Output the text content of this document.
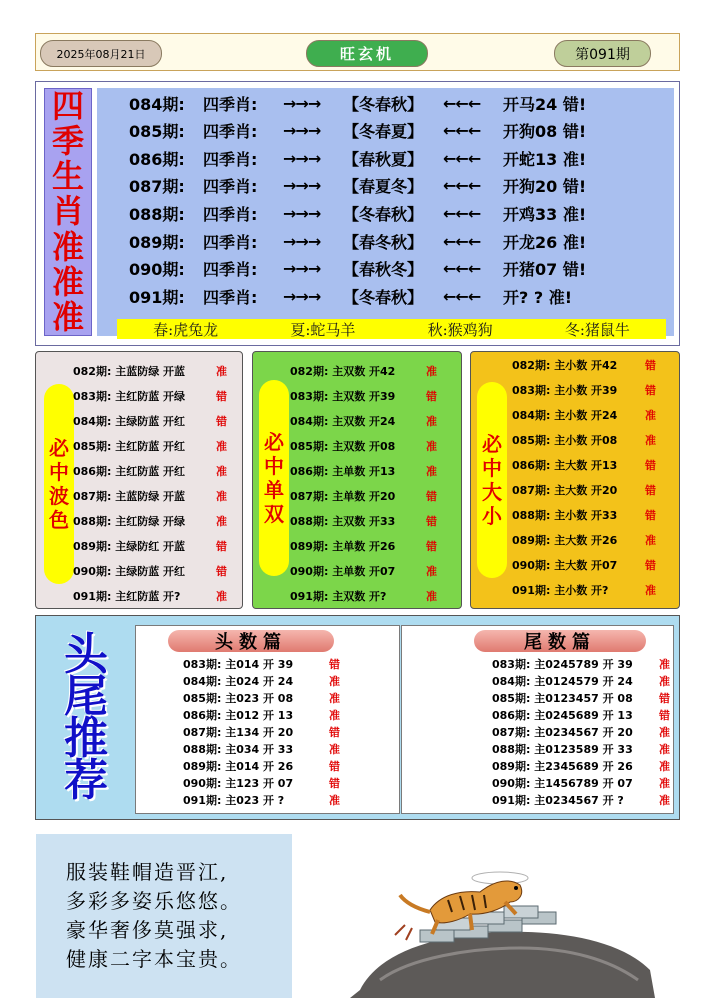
2025年08月21日	旺玄机	第091期
四
季
生
肖
准
准
准
084期:	四季肖:	→→→	【冬春秋】	←←←	开马24 错!
085期:	四季肖:	→→→	【冬春夏】	←←←	开狗08 错!
086期:	四季肖:	→→→	【春秋夏】	←←←	开蛇13 准!
087期:	四季肖:	→→→	【春夏冬】	←←←	开狗20 错!
088期:	四季肖:	→→→	【冬春秋】	←←←	开鸡33 准!
089期:	四季肖:	→→→	【春冬秋】	←←←	开龙26 准!
090期:	四季肖:	→→→	【春秋冬】	←←←	开猪07 错!
091期:	四季肖:	→→→	【冬春秋】	←←←	开? ? 准!
春:虎兔龙	夏:蛇马羊	秋:猴鸡狗	冬:猪鼠牛
必
中
波
色
082期: 主蓝防绿 开蓝	准
083期: 主红防蓝 开绿	错
084期: 主绿防蓝 开红	错
085期: 主红防蓝 开红	准
086期: 主红防蓝 开红	准
087期: 主蓝防绿 开蓝	准
088期: 主红防绿 开绿	准
089期: 主绿防红 开蓝	错
090期: 主绿防蓝 开红	错
091期: 主红防蓝 开?	准
必
中
单
双
082期: 主双数 开42	准
083期: 主双数 开39	错
084期: 主双数 开24	准
085期: 主双数 开08	准
086期: 主单数 开13	准
087期: 主单数 开20	错
088期: 主双数 开33	错
089期: 主单数 开26	错
090期: 主单数 开07	准
091期: 主双数 开?	准
必
中
大
小
082期: 主小数 开42	错
083期: 主小数 开39	错
084期: 主小数 开24	准
085期: 主小数 开08	准
086期: 主大数 开13	错
087期: 主大数 开20	错
088期: 主小数 开33	错
089期: 主大数 开26	准
090期: 主大数 开07	错
091期: 主小数 开?	准
头
尾
推
荐
头数篇
083期: 主014 开 39	错
084期: 主024 开 24	准
085期: 主023 开 08	准
086期: 主012 开 13	准
087期: 主134 开 20	错
088期: 主034 开 33	准
089期: 主014 开 26	错
090期: 主123 开 07	错
091期: 主023 开 ?	准
尾数篇
083期: 主0245789 开 39 准
084期: 主0124579 开 24 准
085期: 主0123457 开 08 错
086期: 主0245689 开 13 错
087期: 主0234567 开 20 准
088期: 主0123589 开 33 准
089期: 主2345689 开 26 准
090期: 主1456789 开 07 准
091期: 主0234567 开 ?	准
服装鞋帽造晋江,
多彩多姿乐悠悠。
豪华奢侈莫强求,
健康二字本宝贵。
